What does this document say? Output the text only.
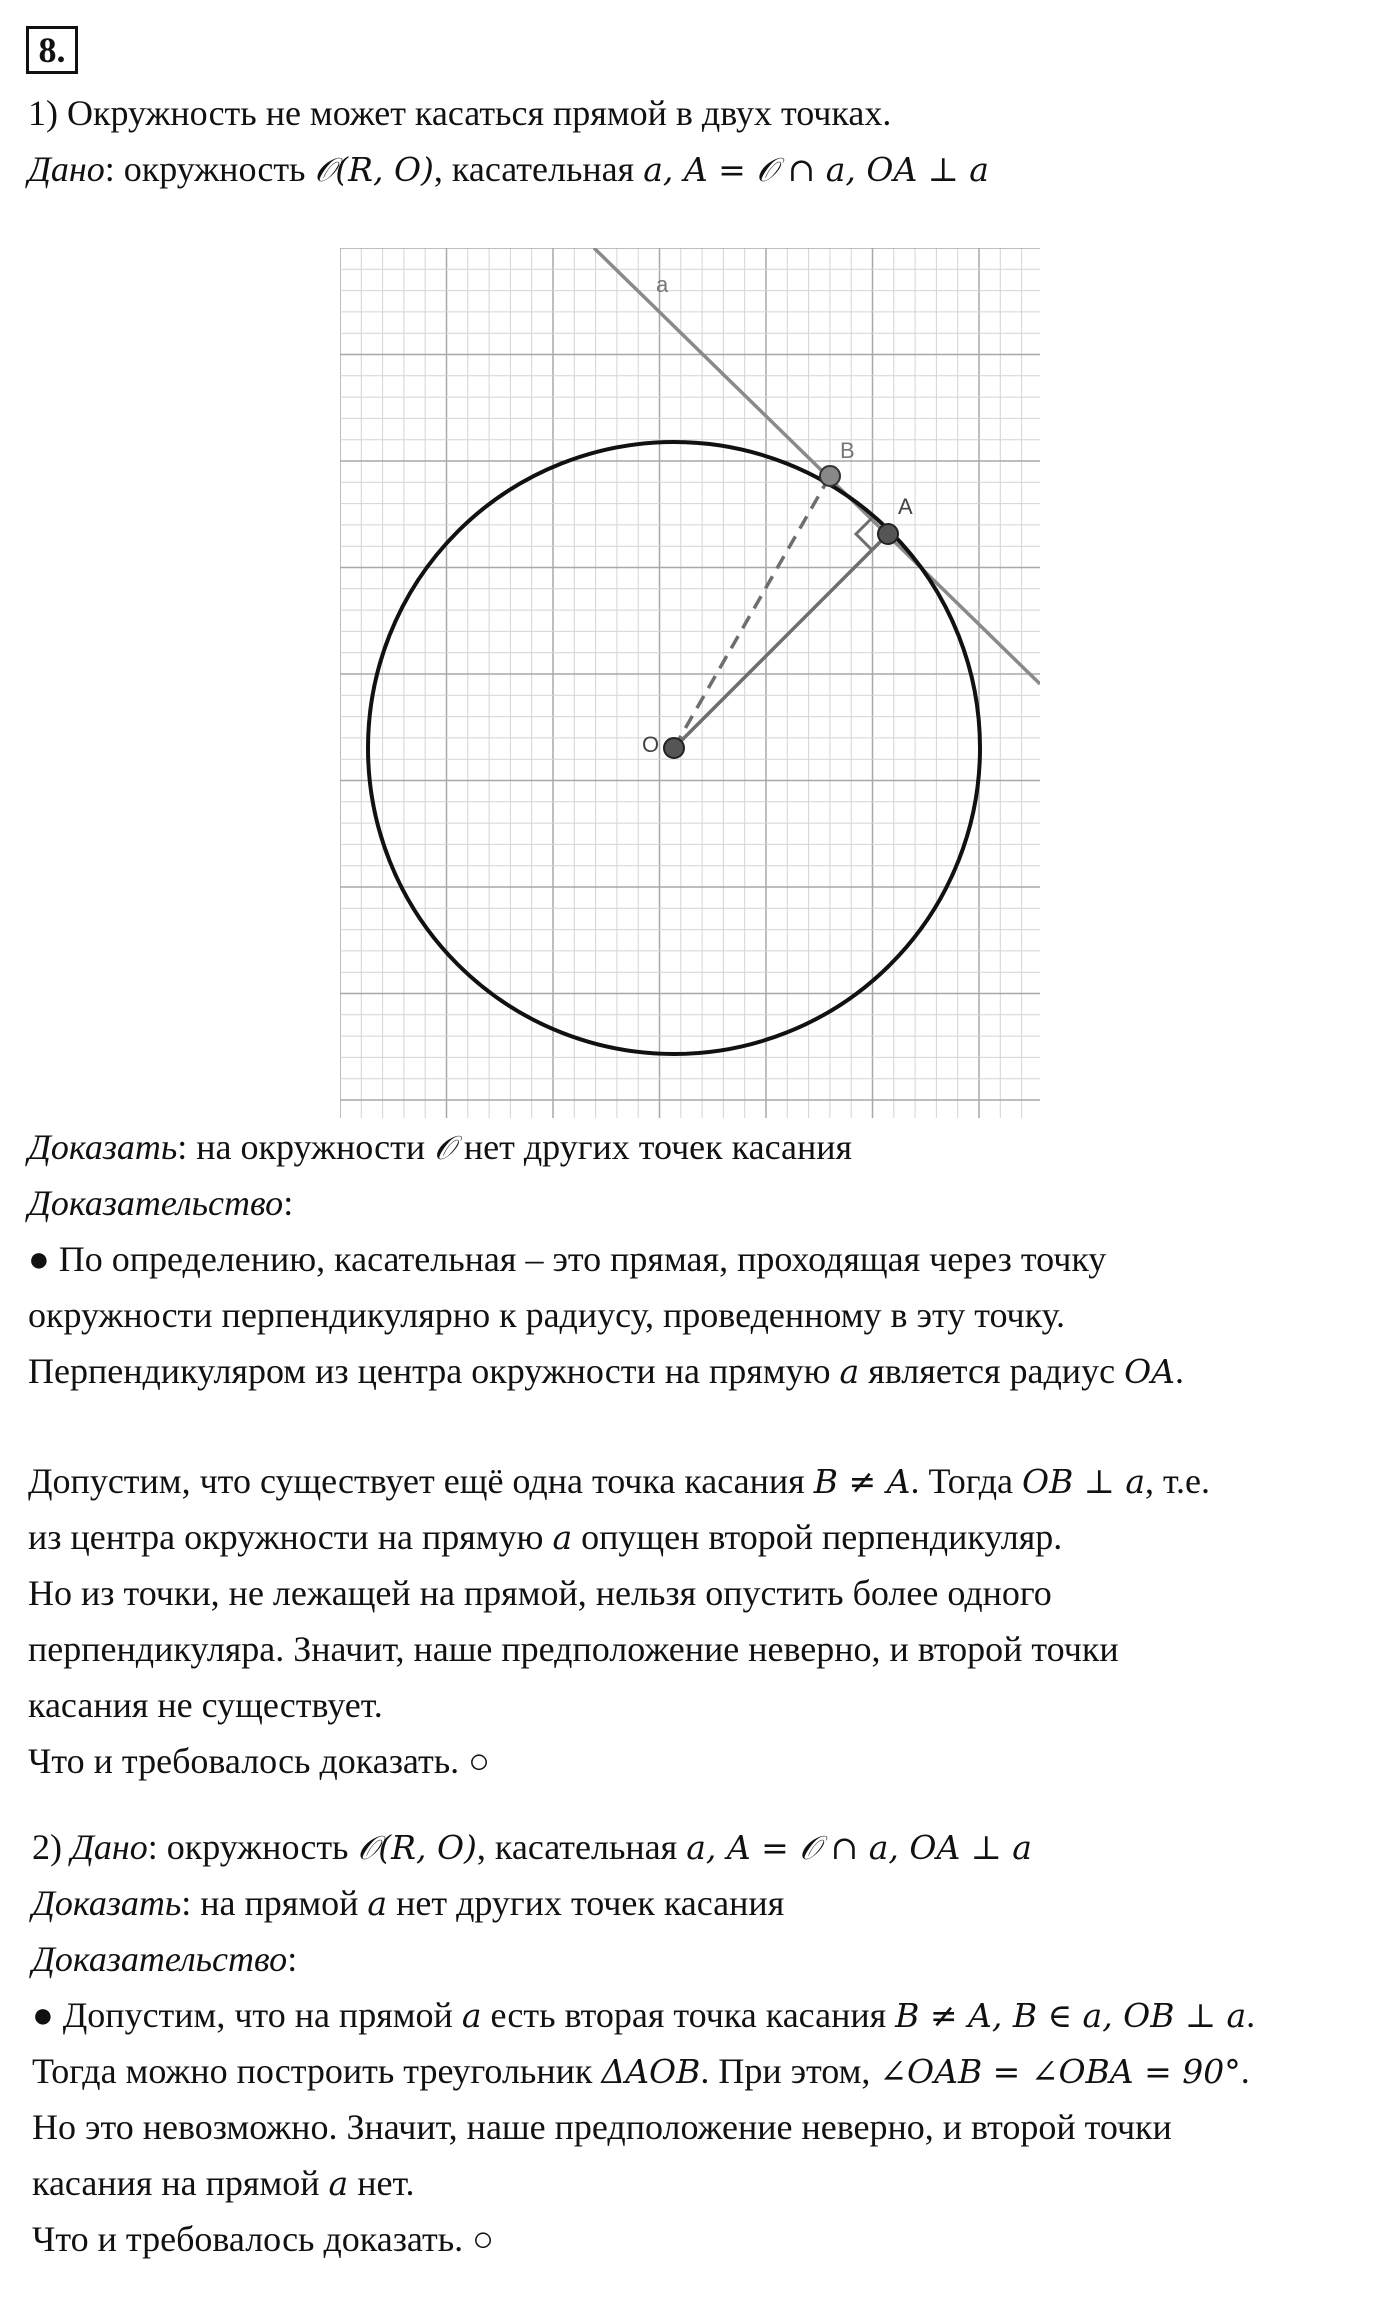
8.
1) Окружность не может касаться прямой в двух точках.
Дано: окружность 𝒪(R, O), касательная a, A = 𝒪 ∩ a, OA ⊥ a
a
B
A
O
Доказать: на окружности 𝒪 нет других точек касания
Доказательство:
● По определению, касательная – это прямая, проходящая через точку
окружности перпендикулярно к радиусу, проведенному в эту точку.
Перпендикуляром из центра окружности на прямую a является радиус OA.
Допустим, что существует ещё одна точка касания B ≠ A. Тогда OB ⊥ a, т.е.
из центра окружности на прямую a опущен второй перпендикуляр.
Но из точки, не лежащей на прямой, нельзя опустить более одного
перпендикуляра. Значит, наше предположение неверно, и второй точки
касания не существует.
Что и требовалось доказать. ○
2) Дано: окружность 𝒪(R, O), касательная a, A = 𝒪 ∩ a, OA ⊥ a
Доказать: на прямой a нет других точек касания
Доказательство:
● Допустим, что на прямой a есть вторая точка касания B ≠ A, B ∈ a, OB ⊥ a.
Тогда можно построить треугольник ΔAOB. При этом, ∠OAB = ∠OBA = 90°.
Но это невозможно. Значит, наше предположение неверно, и второй точки
касания на прямой a нет.
Что и требовалось доказать. ○
